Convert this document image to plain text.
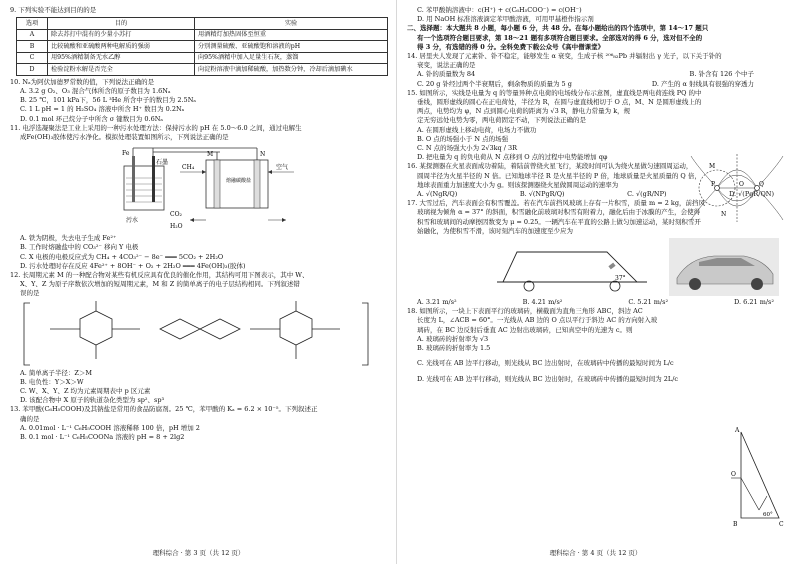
9. 下列实验不能达到目的的是

选项	目的	实验
A	除去苏打中混有的少量小苏打	用酒精灯加热固体至恒重
B	比较硫酸和亚硫酸两种电解质的强弱	分别测量硫酸、亚硫酸饱和溶液的pH
C	用95%酒精制备无水乙醇	向95%酒精中加入足量生石灰，蒸馏
D	检验淀粉水解是否完全	向淀粉溶液中滴加稀硫酸，加热数分钟，冷却后滴加碘水

10. Nₐ为阿伏加德罗常数的值，下列说法正确的是

A. 3.2 g O₂、O₃ 混合气体所含的原子数目为 1.6Nₐ

B. 25 ℃，101 kPa下，56 L ³He 所含中子的数目为 2.5Nₐ

C. 1 L pH = 1 的 H₂SO₄ 溶液中所含 H⁺ 数目为 0.2Nₐ

D. 0.1 mol 环己烷分子中所含 σ 键数目为 0.6Nₐ

11. 电浮选凝聚法是工业上采用的一种污水处理方法：保持污水的 pH 在 5.0～6.0 之间，通过电解生

成Fe(OH)₃胶体使污水净化。模拟处理装置如图所示，下列说法正确的是

Fe
石墨
污水
CH₄
熔融碳酸盐
空气
CO₂
H₂O
M	N

A. 铁为阴极，失去电子生成 Fe²⁺

B. 工作时熔融盐中的 CO₃²⁻ 移向 Y 电极

C. X 电极的电极反应式为 CH₄ + 4CO₃²⁻ − 8e⁻ ═══ 5CO₂ + 2H₂O

D. 污水处理时存在反应 4Fe²⁺ + 8OH⁻ + O₂ + 2H₂O ═══ 4Fe(OH)₃(胶体)

12. 长周期元素 M 的一种配合物对某些有机反应具有优良的催化作用，其结构可用下图表示，其中 W、

X、Y、Z 为原子序数依次增加的短周期元素，M 和 Z 的简单离子的电子层结构相同。下列叙述错

误的是

A. 简单离子半径：Z＞M

B. 电负性：Y＞X＞W

C. W、X、Y、Z 均为元素周期表中 p 区元素

D. 该配合物中 X 原子的轨道杂化类型为 sp²、sp³

13. 苯甲酸(C₆H₅COOH)及其钠盐是常用的食品防腐剂。25 ℃，苯甲酸的 Kₐ = 6.2 × 10⁻⁵。下列叙述正

确的是

A. 0.01mol · L⁻¹ C₆H₅COOH 溶液稀释 100 倍，pH 增加 2

B. 0.1 mol · L⁻¹ C₆H₅COONa 溶液的 pH = 8 + 2lg2

理科综合 · 第 3 页（共 12 页）

C. 苯甲酸钠溶液中：c(H⁺) + c(C₆H₅COO⁻) = c(OH⁻)

D. 用 NaOH 标准溶液滴定苯甲酸溶液，可用甲基橙作指示剂

二、选择题：本大题共 8 小题，每小题 6 分，共 48 分。在每小题给出的四个选项中，第 14～17 题只

有一个选项符合题目要求，第 18～21 题有多项符合题目要求。全部选对的得 6 分，选对但不全的

得 3 分，有选错的得 0 分。全科免费下载公众号《高中僧课堂》

14. 居里夫人发现了元素钋、钋不稳定，能够发生 α 衰变，生成子核 ²⁰⁶₈₂Pb 并辐射出 γ 光子，以下关于钋的

衰变，说法正确的是

A. 钋的质量数为 84	B. 钋含有 126 个中子
C. 20 g 钋经过两个半衰期后，剩余物质的质量为 5 g	D. 产生的 α 射线具有很强的穿透力

15. 如图所示，实线是电量为 q 的等量异种点电荷的电场线分布示意图，虚直线是两电荷连线 PQ 的中

垂线，圆形虚线的圆心在正电荷处，半径为 R，在圆与虚直线相切于 O 点，M、N 是圆形虚线上的

两点，电势均为 φ，N 点到圆心电荷的距离为 √3 R，静电力常量为 k，规

定无穷远处电势为零，两电荷固定不动，下列说法正确的是

A. 在圆形虚线上移动电荷，电场力不做功

B. O 点的场强小于 N 点的场强

C. N 点的场强大小为 2√3kq / 3R

D. 把电量为 q 的负电荷从 N 点移到 O 点的过程中电势能增加 qφ

16. 某探测器在火星表面成功着陆，着陆前曾绕火星飞行，某段时间可认为绕火星做匀速圆周运动，

圆周半径为火星半径的 N 倍。已知地球半径 R 是火星半径的 P 倍，地球质量是火星质量的 Q 倍，

地球表面重力加速度大小为 g。则该探测器绕火星做圆周运动的速率为

A. √(NgR/Q)	B. √(NPgR/Q)	C. √(gR/NP)	D. √(PgR/QN)

17. 大雪过后，汽车表面会有积雪覆盖。若在汽车前挡风玻璃上存有一片积雪，质量 m = 2 kg，前挡风

玻璃视为倾角 α = 37° 的斜面，积雪融化前玻璃对积雪有附着力，融化后由于冰膜的产生，会使得

积雪和玻璃间的动摩擦因数变为 μ = 0.25。一辆汽车在平直的公路上做匀加速运动，某时刻积雪开

始融化，为使积雪不滑，该时刻汽车的加速度至少应为

37°
A. 3.21 m/s²	B. 4.21 m/s²	C. 5.21 m/s²	D. 6.21 m/s²

18. 如图所示，一块上下表面平行的玻璃砖，横截面为直角三角形 ABC，斜边 AC

长度为 L，∠ACB = 60°。一光线从 AB 边的 O 点以平行于斜边 AC 的方向射入玻

璃砖，在 BC 边反射后垂直 AC 边射出玻璃砖，已知真空中的光速为 c。则

A. 玻璃砖的折射率为 √3

B. 玻璃砖的折射率为 1.5

C. 光线可在 AB 边平行移动，则光线从 BC 边出射时，在玻璃砖中传播的最短时间为 L/c

D. 光线可在 AB 边平行移动，则光线从 BC 边出射时，在玻璃砖中传播的最短时间为 2L/c

M
N
P	O	Q
A
O
B	C
60°
理科综合 · 第 4 页（共 12 页）
